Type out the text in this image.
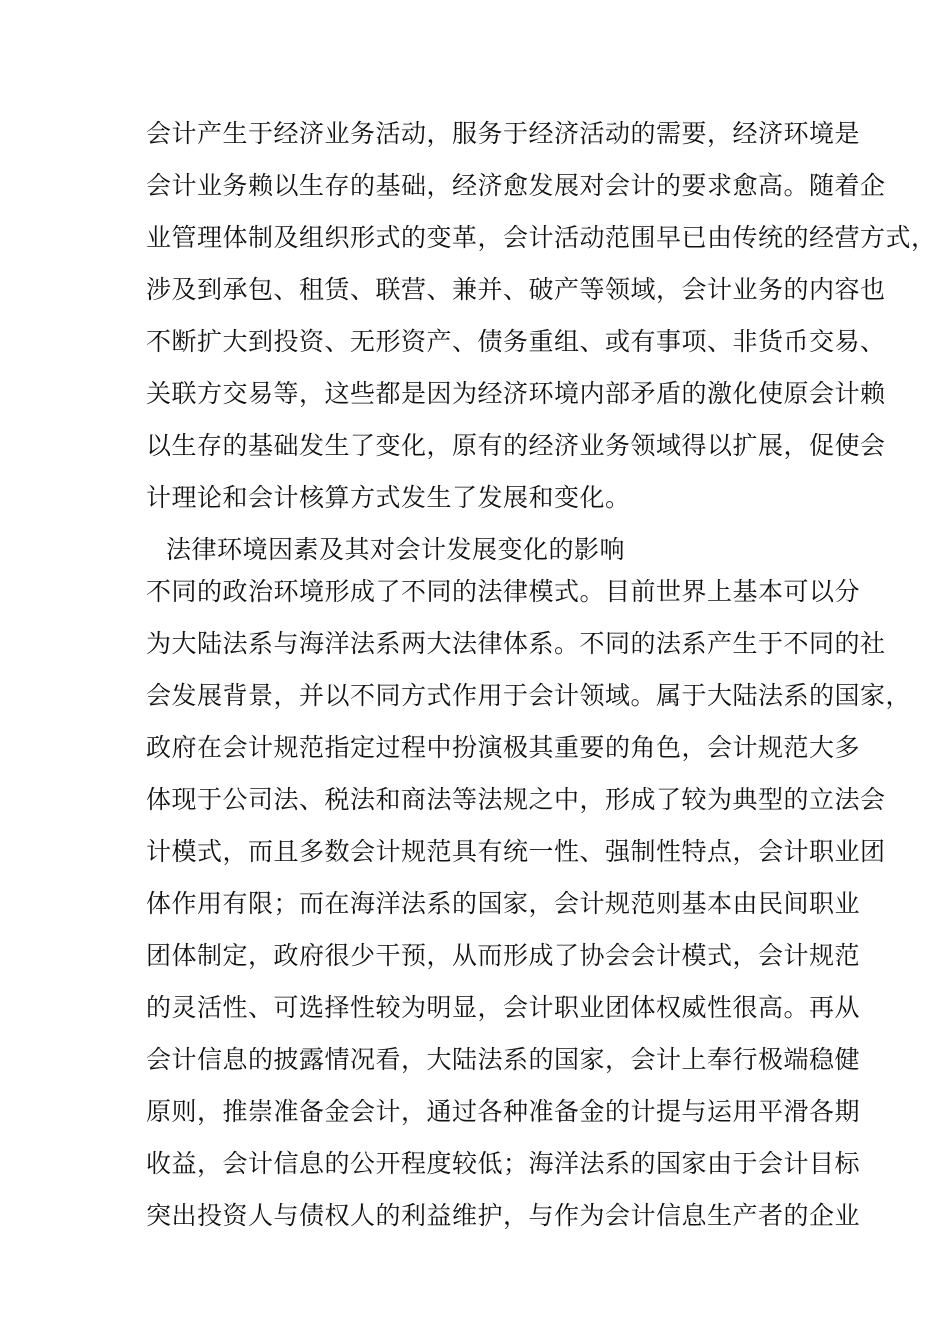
会计产生于经济业务活动，服务于经济活动的需要，经济环境是
会计业务赖以生存的基础，经济愈发展对会计的要求愈高。随着企
业管理体制及组织形式的变革，会计活动范围早已由传统的经营方式，
涉及到承包、租赁、联营、兼并、破产等领域，会计业务的内容也
不断扩大到投资、无形资产、债务重组、或有事项、非货币交易、
关联方交易等，这些都是因为经济环境内部矛盾的激化使原会计赖
以生存的基础发生了变化，原有的经济业务领域得以扩展，促使会
计理论和会计核算方式发生了发展和变化。
法律环境因素及其对会计发展变化的影响
不同的政治环境形成了不同的法律模式。目前世界上基本可以分
为大陆法系与海洋法系两大法律体系。不同的法系产生于不同的社
会发展背景，并以不同方式作用于会计领域。属于大陆法系的国家，
政府在会计规范指定过程中扮演极其重要的角色，会计规范大多
体现于公司法、税法和商法等法规之中，形成了较为典型的立法会
计模式，而且多数会计规范具有统一性、强制性特点，会计职业团
体作用有限；而在海洋法系的国家，会计规范则基本由民间职业
团体制定，政府很少干预，从而形成了协会会计模式，会计规范
的灵活性、可选择性较为明显，会计职业团体权威性很高。再从
会计信息的披露情况看，大陆法系的国家，会计上奉行极端稳健
原则，推崇准备金会计，通过各种准备金的计提与运用平滑各期
收益，会计信息的公开程度较低；海洋法系的国家由于会计目标
突出投资人与债权人的利益维护，与作为会计信息生产者的企业
